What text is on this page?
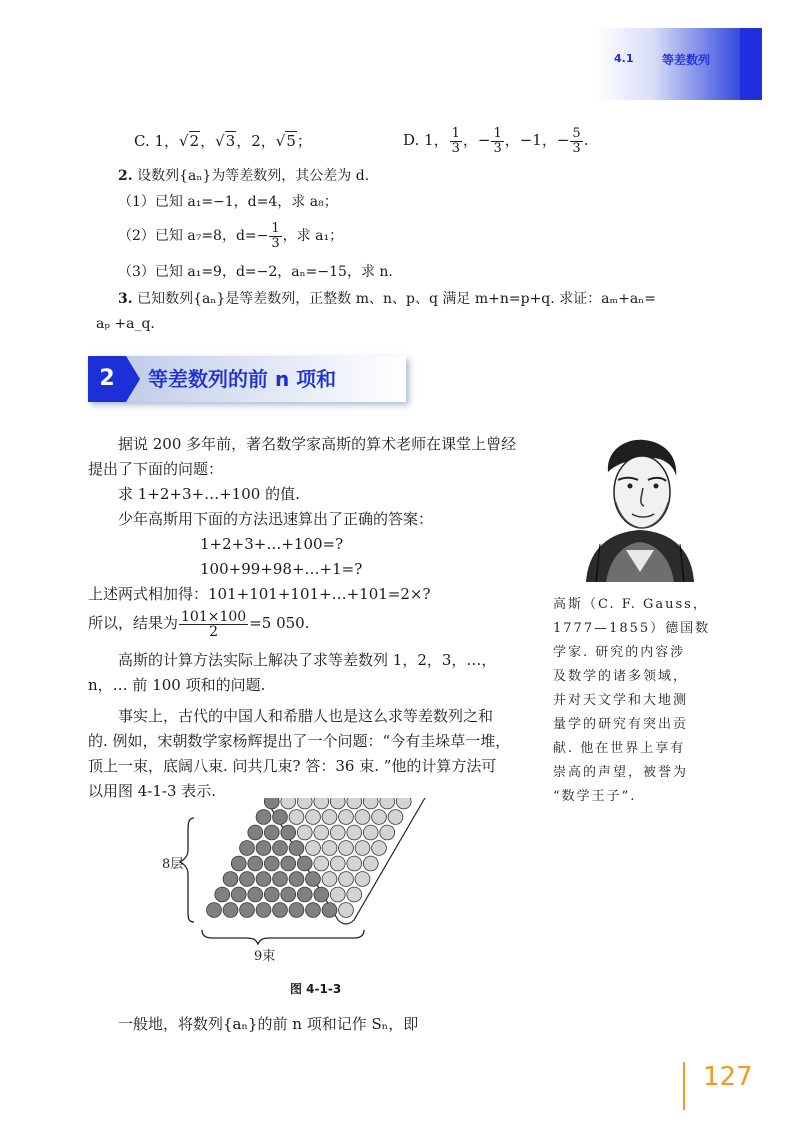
4.1 等差数列
C. 1，√2，√3，2，√5；	D. 1， $\frac{1}{3}$ ，− $\frac{1}{3}$ ，−1，− $\frac{5}{3}$ .
2. 设数列{aₙ}为等差数列，其公差为 d.
（1）已知 a₁=−1，d=4，求 a₈；
（2）已知 a₇=8，$d=- \frac{1}{3}$ ，求 a₁；
（3）已知 a₁=9，d=−2，aₙ=−15，求 n.
3. 已知数列{aₙ}是等差数列，正整数 m、n、p、q 满足 m+n=p+q. 求证：aₘ+aₙ=
aₚ +a_q.
2	等差数列的前 n 项和
据说 200 多年前，著名数学家高斯的算术老师在课堂上曾经
提出了下面的问题：
求 1+2+3+…+100 的值.
少年高斯用下面的方法迅速算出了正确的答案：
1+2+3+…+100=?
100+99+98+…+1=?
上述两式相加得：101+101+101+…+101=2×?
所以，结果为 $\frac{101\times 100}{2} =5$ 050.
高斯的计算方法实际上解决了求等差数列 1，2，3，…，
n，… 前 100 项和的问题.
事实上，古代的中国人和希腊人也是这么求等差数列之和
的. 例如，宋朝数学家杨辉提出了一个问题：“今有圭垛草一堆，
顶上一束，底阔八束. 问共几束? 答：36 束. ”他的计算方法可
以用图 4-1-3 表示.
高斯（C. F. Gauss，
1777—1855）德国数
学家. 研究的内容涉
及数学的诸多领域，
并对天文学和大地测
量学的研究有突出贡
献. 他在世界上享有
崇高的声望，被誉为
“数学王子”.
8层
9束
图 4-1-3
一般地，将数列{aₙ}的前 n 项和记作 Sₙ，即
127
